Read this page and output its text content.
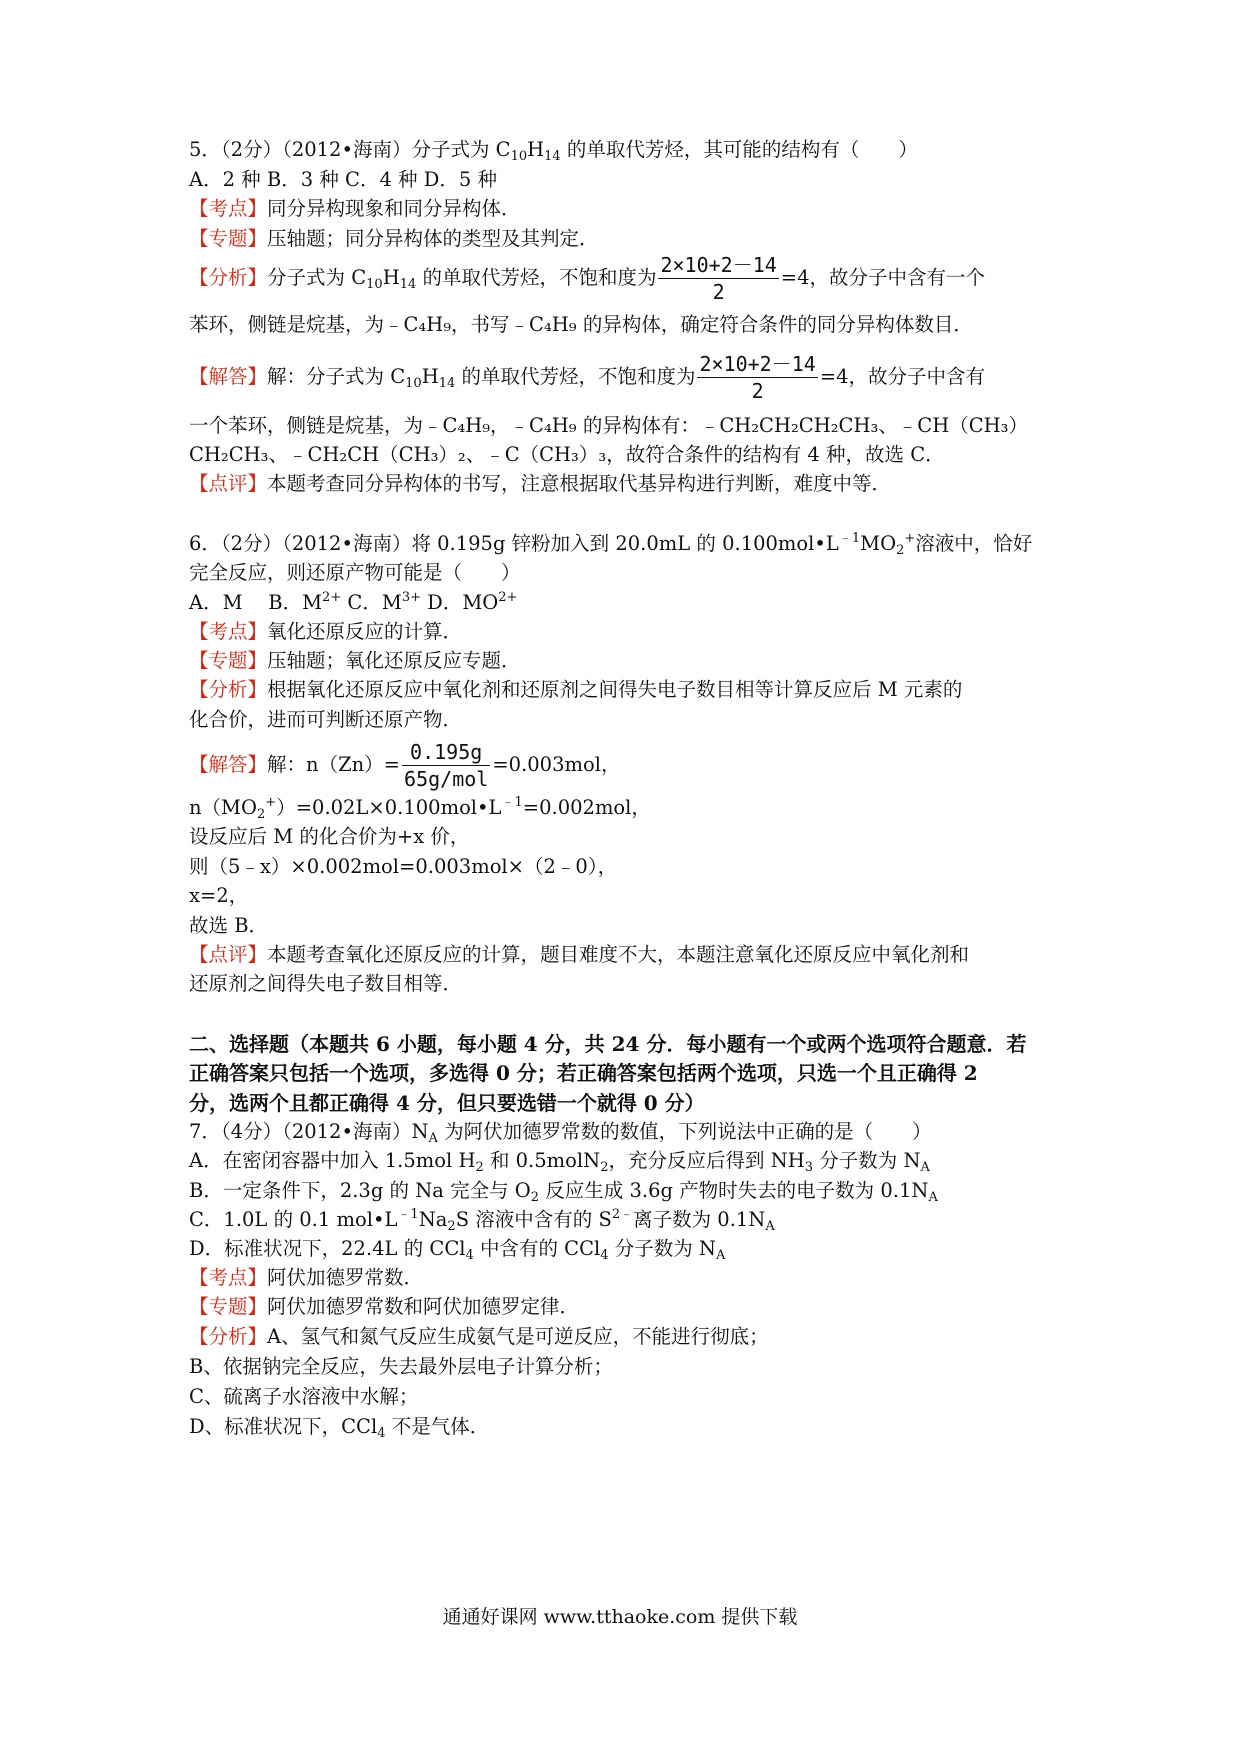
5．（2分）（2012•海南）分子式为 $C_{10}H_{14}$ 的单取代芳烃，其可能的结构有（　　）
A．2 种 B．3 种 C．4 种 D．5 种
【考点】同分异构现象和同分异构体．
【专题】压轴题；同分异构体的类型及其判定．
【分析】分子式为 $C_{10}H_{14}$ 的单取代芳烃，不饱和度为 $\frac{2\times 10+2-14}{2} =4$，故分子中含有一个
苯环，侧链是烷基，为﹣C₄H₉，书写﹣C₄H₉ 的异构体，确定符合条件的同分异构体数目．
【解答】解：分子式为 $C_{10}H_{14}$ 的单取代芳烃，不饱和度为 $\frac{2\times 10+2-14}{2} =4$，故分子中含有
一个苯环，侧链是烷基，为﹣C₄H₉，﹣C₄H₉ 的异构体有：﹣CH₂CH₂CH₂CH₃、﹣CH（CH₃）
CH₂CH₃、﹣CH₂CH（CH₃）₂、﹣C（CH₃）₃，故符合条件的结构有 4 种，故选 C．
【点评】本题考查同分异构体的书写，注意根据取代基异构进行判断，难度中等．
6．（2分）（2012•海南）将 0.195g 锌粉加入到 20.0mL 的 $0.100mol•L^{﹣1}MO_2^+$溶液中，恰好
完全反应，则还原产物可能是（　　）
A．M　 B．$M^{2+}$ C．$M^{3+}$ D．$MO^{2+}$
【考点】氧化还原反应的计算．
【专题】压轴题；氧化还原反应专题．
【分析】根据氧化还原反应中氧化剂和还原剂之间得失电子数目相等计算反应后 M 元素的
化合价，进而可判断还原产物．
【解答】解：$n(Zn)= \frac{0.195g}{\text{65g/mol}} =0.003mol$，
$n(MO_2^+)=0.02L\times 0.100mol•L^{﹣1}=0.002mol$，
设反应后 M 的化合价为+x 价，
则（5﹣x）×0.002mol=0.003mol×（2﹣0），
x=2，
故选 B．
【点评】本题考查氧化还原反应的计算，题目难度不大，本题注意氧化还原反应中氧化剂和
还原剂之间得失电子数目相等．
二、选择题（本题共 6 小题，每小题 4 分，共 24 分．每小题有一个或两个选项符合题意．若
正确答案只包括一个选项，多选得 0 分；若正确答案包括两个选项，只选一个且正确得 2
分，选两个且都正确得 4 分，但只要选错一个就得 0 分）
7．（4分）（2012•海南）$N_A$ 为阿伏加德罗常数的数值，下列说法中正确的是（　　）
A．在密闭容器中加入 1.5mol $H_2$ 和 0.5molN$_2$，充分反应后得到 $NH_3$ 分子数为 $N_A$
B．一定条件下，2.3g 的 Na 完全与 $O_2$ 反应生成 3.6g 产物时失去的电子数为 $0.1N_A$
C．1.0L 的 0.1 $mol•L^{﹣1}Na_2S$ 溶液中含有的 $S^{2﹣}$离子数为 $0.1N_A$
D．标准状况下，22.4L 的 CCl$_4$ 中含有的 CCl$_4$ 分子数为 $N_A$
【考点】阿伏加德罗常数．
【专题】阿伏加德罗常数和阿伏加德罗定律．
【分析】A、氢气和氮气反应生成氨气是可逆反应，不能进行彻底；
B、依据钠完全反应，失去最外层电子计算分析；
C、硫离子水溶液中水解；
D、标准状况下，CCl$_4$ 不是气体．
通通好课网 www.tthaoke.com 提供下载
